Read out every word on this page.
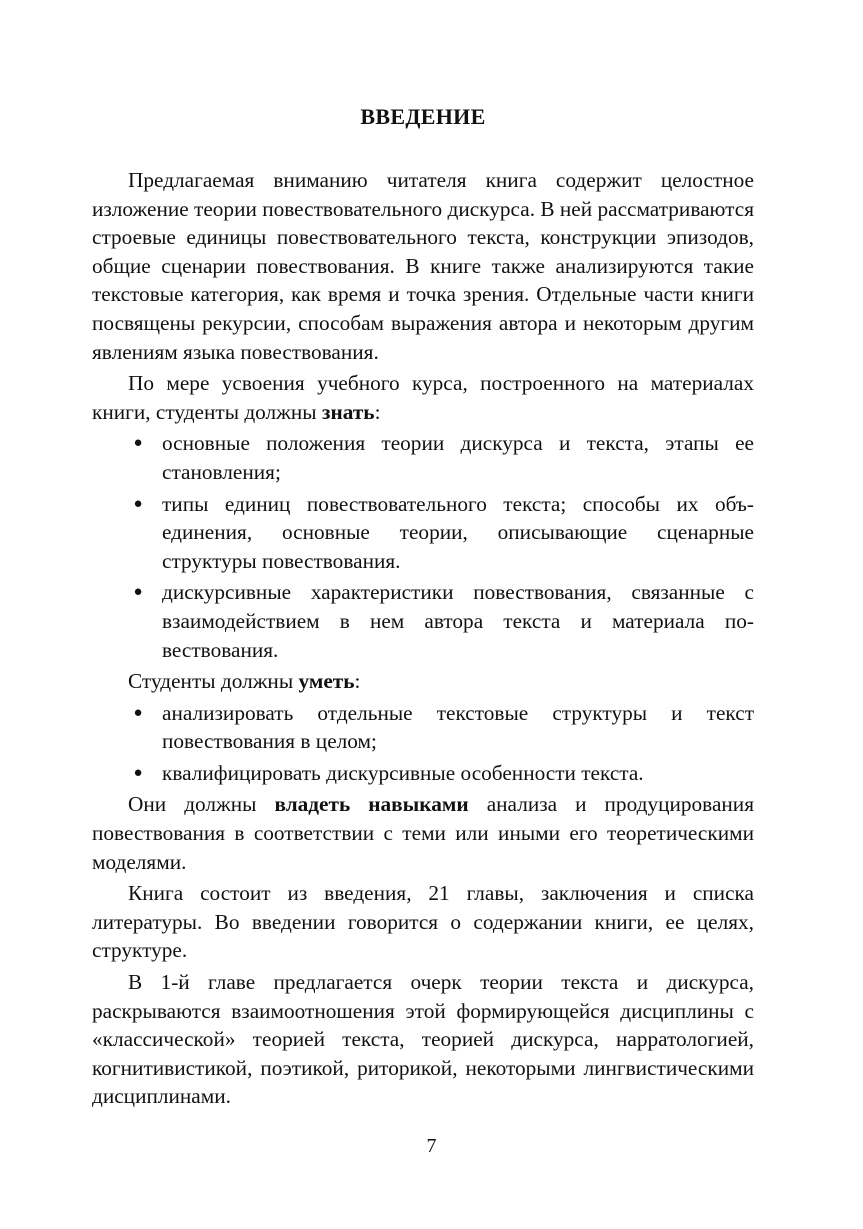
ВВЕДЕНИЕ

Предлагаемая вниманию читателя книга содержит целостное изложение теории повествовательного дискурса. В ней рассматриваются строевые единицы повествовательного текста, конструкции эпизодов, общие сценарии повествования. В книге также анализируются такие текстовые категория, как время и точка зрения. Отдельные части книги посвящены рекурсии, способам выражения автора и некоторым другим явлениям языка повествования.

По мере усвоения учебного курса, построенного на материалах книги, студенты должны знать:

● основные положения теории дискурса и текста, этапы ее становления;
● типы единиц повествовательного текста; способы их объединения, основные теории, описывающие сценарные структуры повествования.
● дискурсивные характеристики повествования, связанные с взаимодействием в нем автора текста и материала повествования.

Студенты должны уметь:

● анализировать отдельные текстовые структуры и текст повествования в целом;
● квалифицировать дискурсивные особенности текста.

Они должны владеть навыками анализа и продуцирования повествования в соответствии с теми или иными его теоретическими моделями.

Книга состоит из введения, 21 главы, заключения и списка литературы. Во введении говорится о содержании книги, ее целях, структуре.

В 1-й главе предлагается очерк теории текста и дискурса, раскрываются взаимоотношения этой формирующейся дисциплины с «классической» теорией текста, теорией дискурса, нарратологией, когнитивистикой, поэтикой, риторикой, некоторыми лингвистическими дисциплинами.

7
